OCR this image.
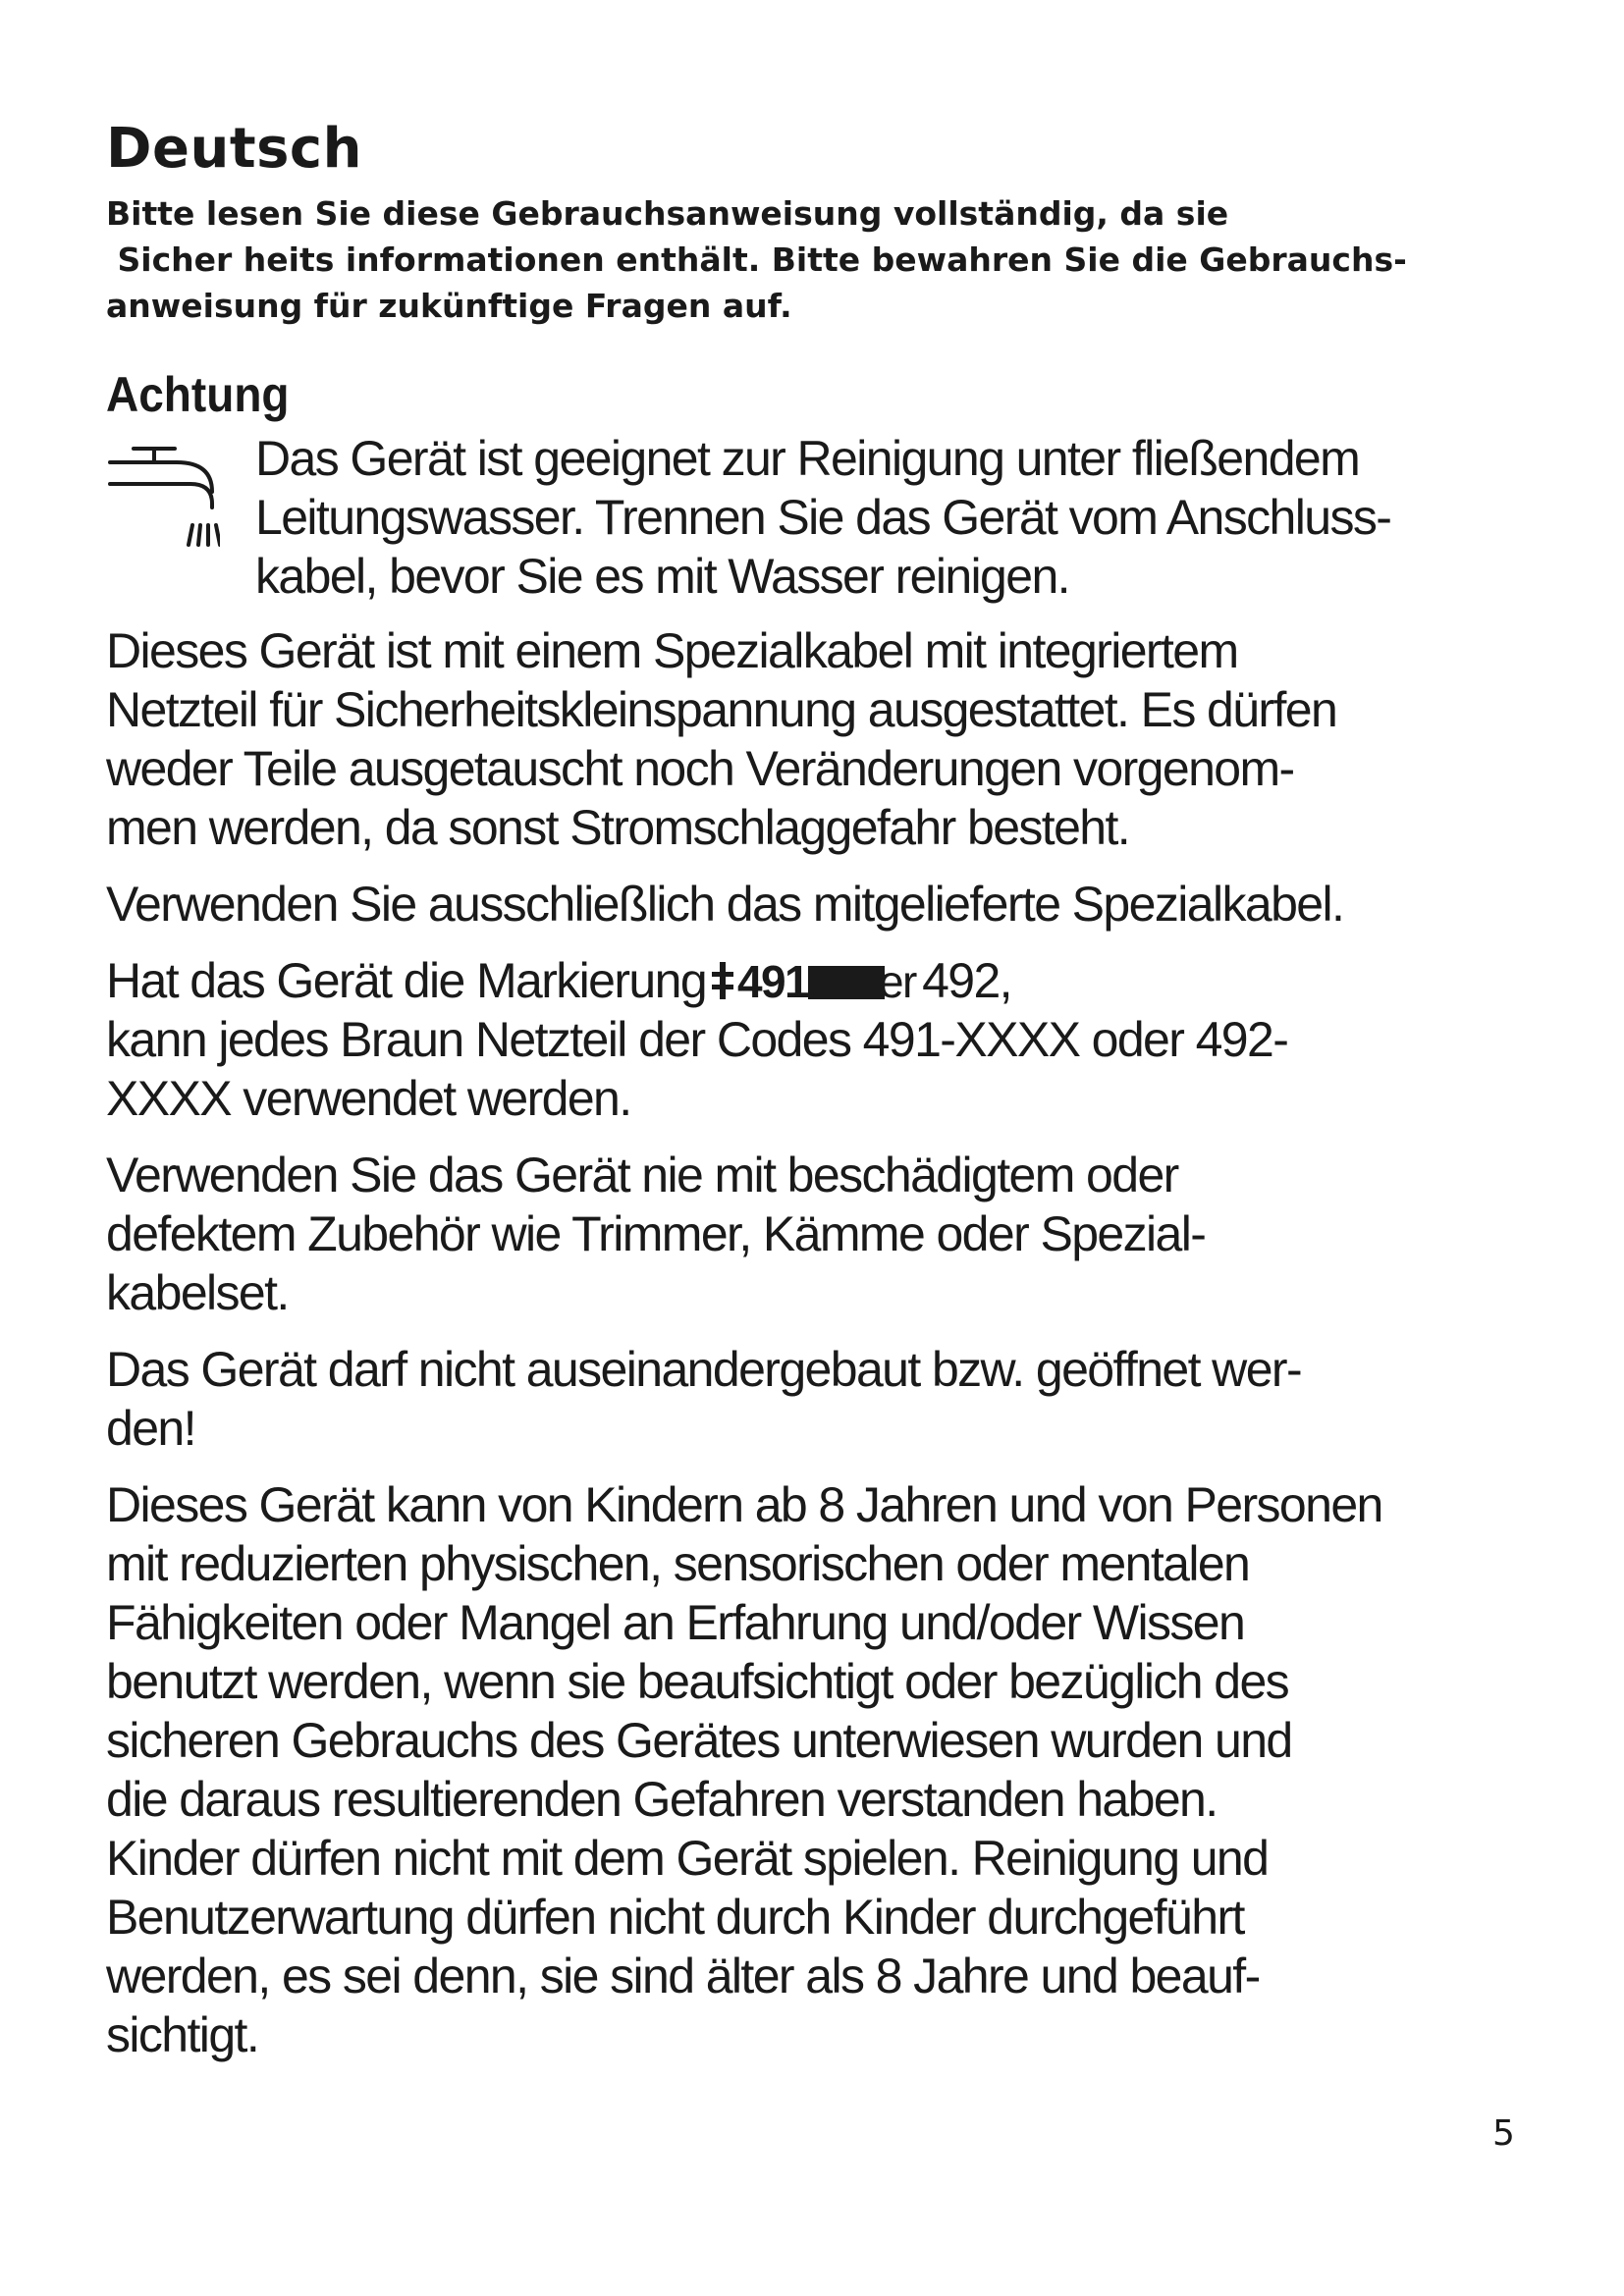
Deutsch
Bitte lesen Sie diese Gebrauchsanweisung vollständig, da sie
Sicher heits informationen enthält. Bitte bewahren Sie die Gebrauchs-
anweisung für zukünftige Fragen auf.
Achtung
Das Gerät ist geeignet zur Reinigung unter fließendem
Leitungswasser. Trennen Sie das Gerät vom Anschluss-
kabel, bevor Sie es mit Wasser reinigen.

Dieses Gerät ist mit einem Spezialkabel mit integriertem
Netzteil für Sicherheitskleinspannung ausgestattet. Es dürfen
weder Teile ausgetauscht noch Veränderungen vorgenom-
men werden, da sonst Stromschlaggefahr besteht.

Verwenden Sie ausschließlich das mitgelieferte Spezialkabel.

Hat das Gerät die Markierung 491 er 492,
kann jedes Braun Netzteil der Codes 491-XXXX oder 492-
XXXX verwendet werden.

Verwenden Sie das Gerät nie mit beschädigtem oder
defektem Zubehör wie Trimmer, Kämme oder Spezial-
kabelset.

Das Gerät darf nicht auseinandergebaut bzw. geöffnet wer-
den!

Dieses Gerät kann von Kindern ab 8 Jahren und von Personen
mit reduzierten physischen, sensorischen oder mentalen
Fähigkeiten oder Mangel an Erfahrung und/oder Wissen
benutzt werden, wenn sie beaufsichtigt oder bezüglich des
sicheren Gebrauchs des Gerätes unterwiesen wurden und
die daraus resultierenden Gefahren verstanden haben.
Kinder dürfen nicht mit dem Gerät spielen. Reinigung und
Benutzerwartung dürfen nicht durch Kinder durchgeführt
werden, es sei denn, sie sind älter als 8 Jahre und beauf-
sichtigt.

5
